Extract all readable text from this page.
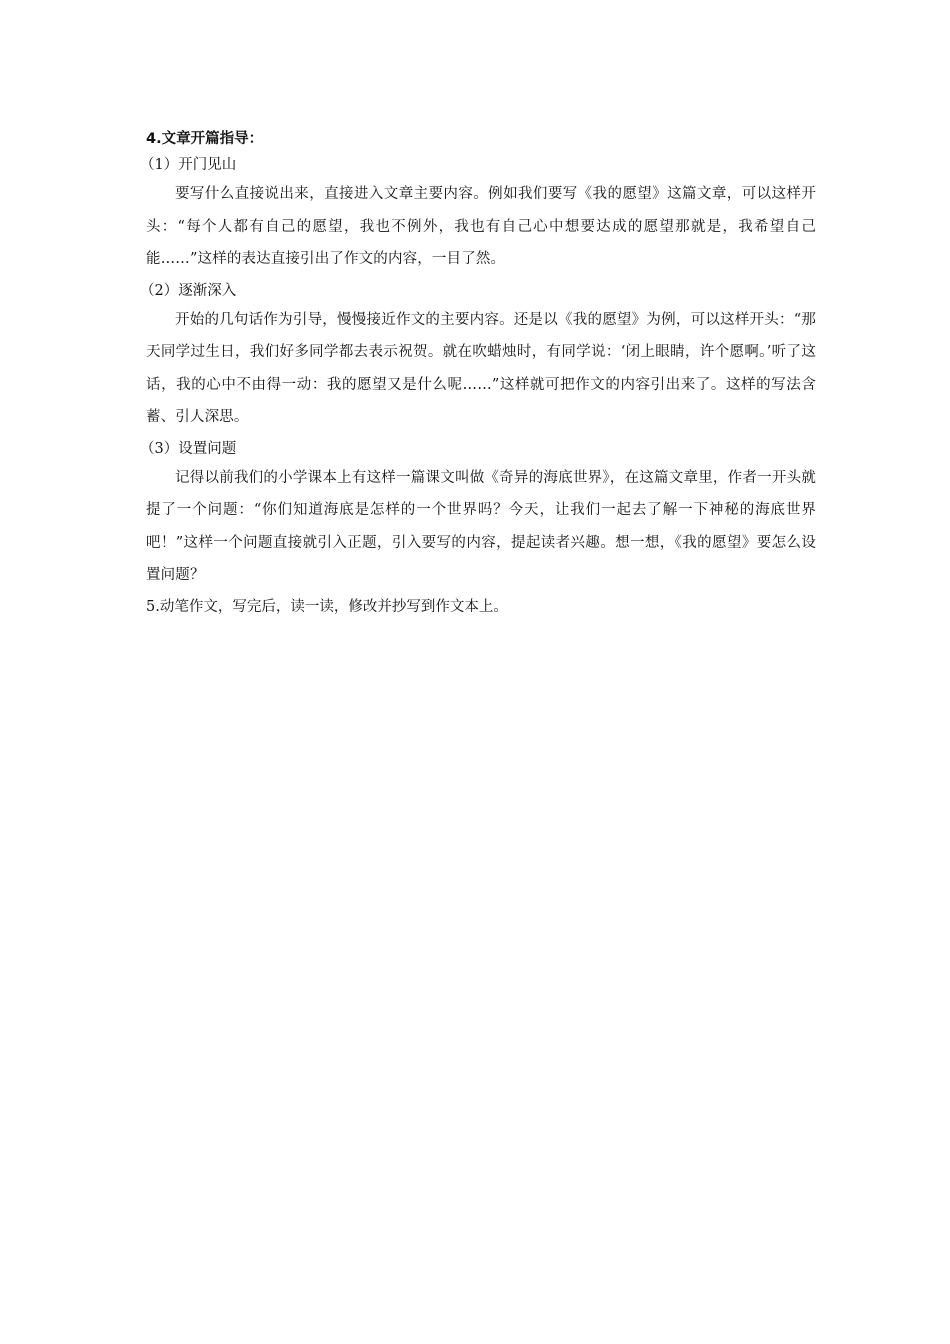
4.文章开篇指导：

（1）开门见山

要写什么直接说出来，直接进入文章主要内容。例如我们要写《我的愿望》这篇文章，可以这样开头：“每个人都有自己的愿望，我也不例外，我也有自己心中想要达成的愿望那就是，我希望自己能……”这样的表达直接引出了作文的内容，一目了然。

（2）逐渐深入

开始的几句话作为引导，慢慢接近作文的主要内容。还是以《我的愿望》为例，可以这样开头：“那天同学过生日，我们好多同学都去表示祝贺。就在吹蜡烛时，有同学说：‘闭上眼睛，许个愿啊。’听了这话，我的心中不由得一动：我的愿望又是什么呢……”这样就可把作文的内容引出来了。这样的写法含蓄、引人深思。

（3）设置问题

记得以前我们的小学课本上有这样一篇课文叫做《奇异的海底世界》，在这篇文章里，作者一开头就提了一个问题：“你们知道海底是怎样的一个世界吗？今天，让我们一起去了解一下神秘的海底世界吧！”这样一个问题直接就引入正题，引入要写的内容，提起读者兴趣。想一想，《我的愿望》要怎么设置问题？

5.动笔作文，写完后，读一读，修改并抄写到作文本上。
